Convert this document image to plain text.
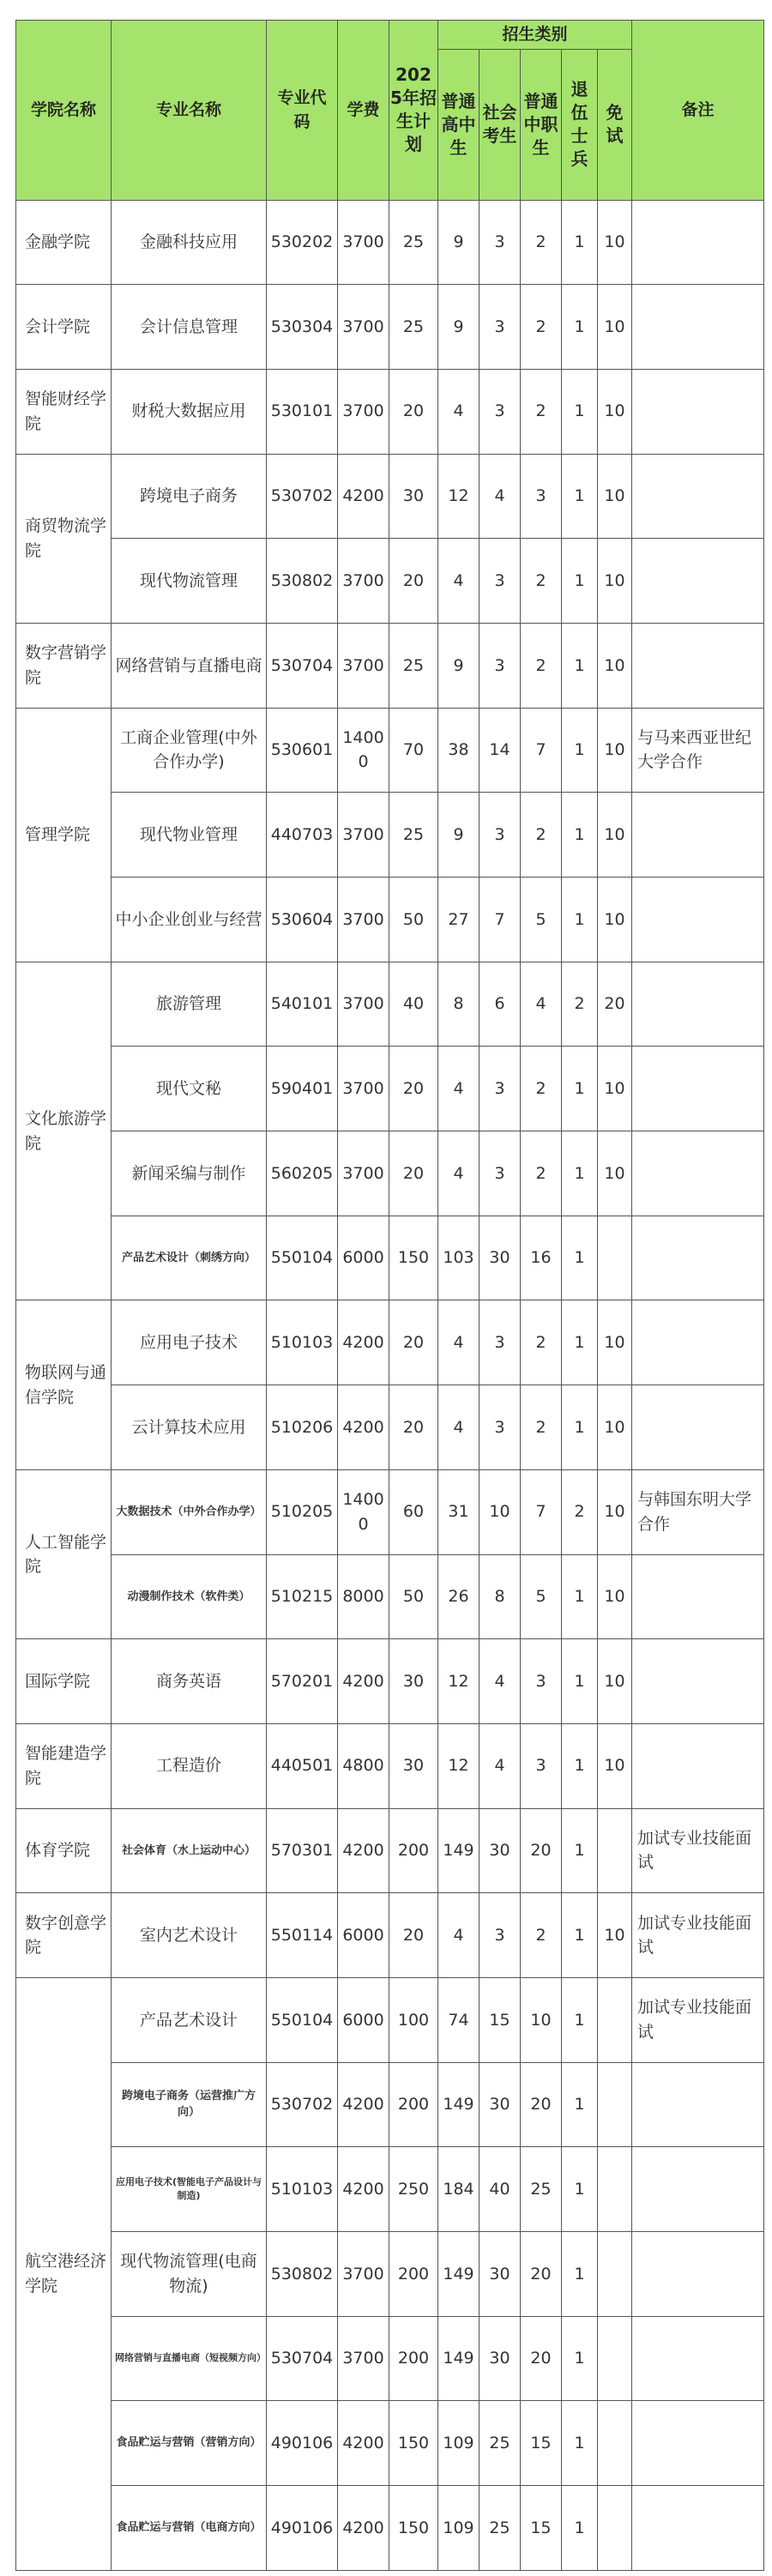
学院名称	专业名称	专业代码	学费	2025年招生计划	招生类别					备注
					普通高中生	社会考生	普通中职生	退伍士兵	免试	
金融学院	金融科技应用	530202	3700	25	9	3	2	1	10	
会计学院	会计信息管理	530304	3700	25	9	3	2	1	10	
智能财经学院	财税大数据应用	530101	3700	20	4	3	2	1	10	
商贸物流学院	跨境电子商务	530702	4200	30	12	4	3	1	10	
	现代物流管理	530802	3700	20	4	3	2	1	10	
数字营销学院	网络营销与直播电商	530704	3700	25	9	3	2	1	10	
管理学院	工商企业管理(中外合作办学)	530601	14000	70	38	14	7	1	10	与马来西亚世纪大学合作
	现代物业管理	440703	3700	25	9	3	2	1	10	
	中小企业创业与经营	530604	3700	50	27	7	5	1	10	
文化旅游学院	旅游管理	540101	3700	40	8	6	4	2	20	
	现代文秘	590401	3700	20	4	3	2	1	10	
	新闻采编与制作	560205	3700	20	4	3	2	1	10	
	产品艺术设计（刺绣方向）	550104	6000	150	103	30	16	1		
物联网与通信学院	应用电子技术	510103	4200	20	4	3	2	1	10	
	云计算技术应用	510206	4200	20	4	3	2	1	10	
人工智能学院	大数据技术（中外合作办学）	510205	14000	60	31	10	7	2	10	与韩国东明大学合作
	动漫制作技术（软件类）	510215	8000	50	26	8	5	1	10	
国际学院	商务英语	570201	4200	30	12	4	3	1	10	
智能建造学院	工程造价	440501	4800	30	12	4	3	1	10	
体育学院	社会体育（水上运动中心）	570301	4200	200	149	30	20	1		加试专业技能面试
数字创意学院	室内艺术设计	550114	6000	20	4	3	2	1	10	加试专业技能面试
航空港经济学院	产品艺术设计	550104	6000	100	74	15	10	1		加试专业技能面试
	跨境电子商务（运营推广方向）	530702	4200	200	149	30	20	1		
	应用电子技术(智能电子产品设计与制造)	510103	4200	250	184	40	25	1		
	现代物流管理(电商物流)	530802	3700	200	149	30	20	1		
	网络营销与直播电商（短视频方向）	530704	3700	200	149	30	20	1		
	食品贮运与营销（营销方向）	490106	4200	150	109	25	15	1		
	食品贮运与营销（电商方向）	490106	4200	150	109	25	15	1		
